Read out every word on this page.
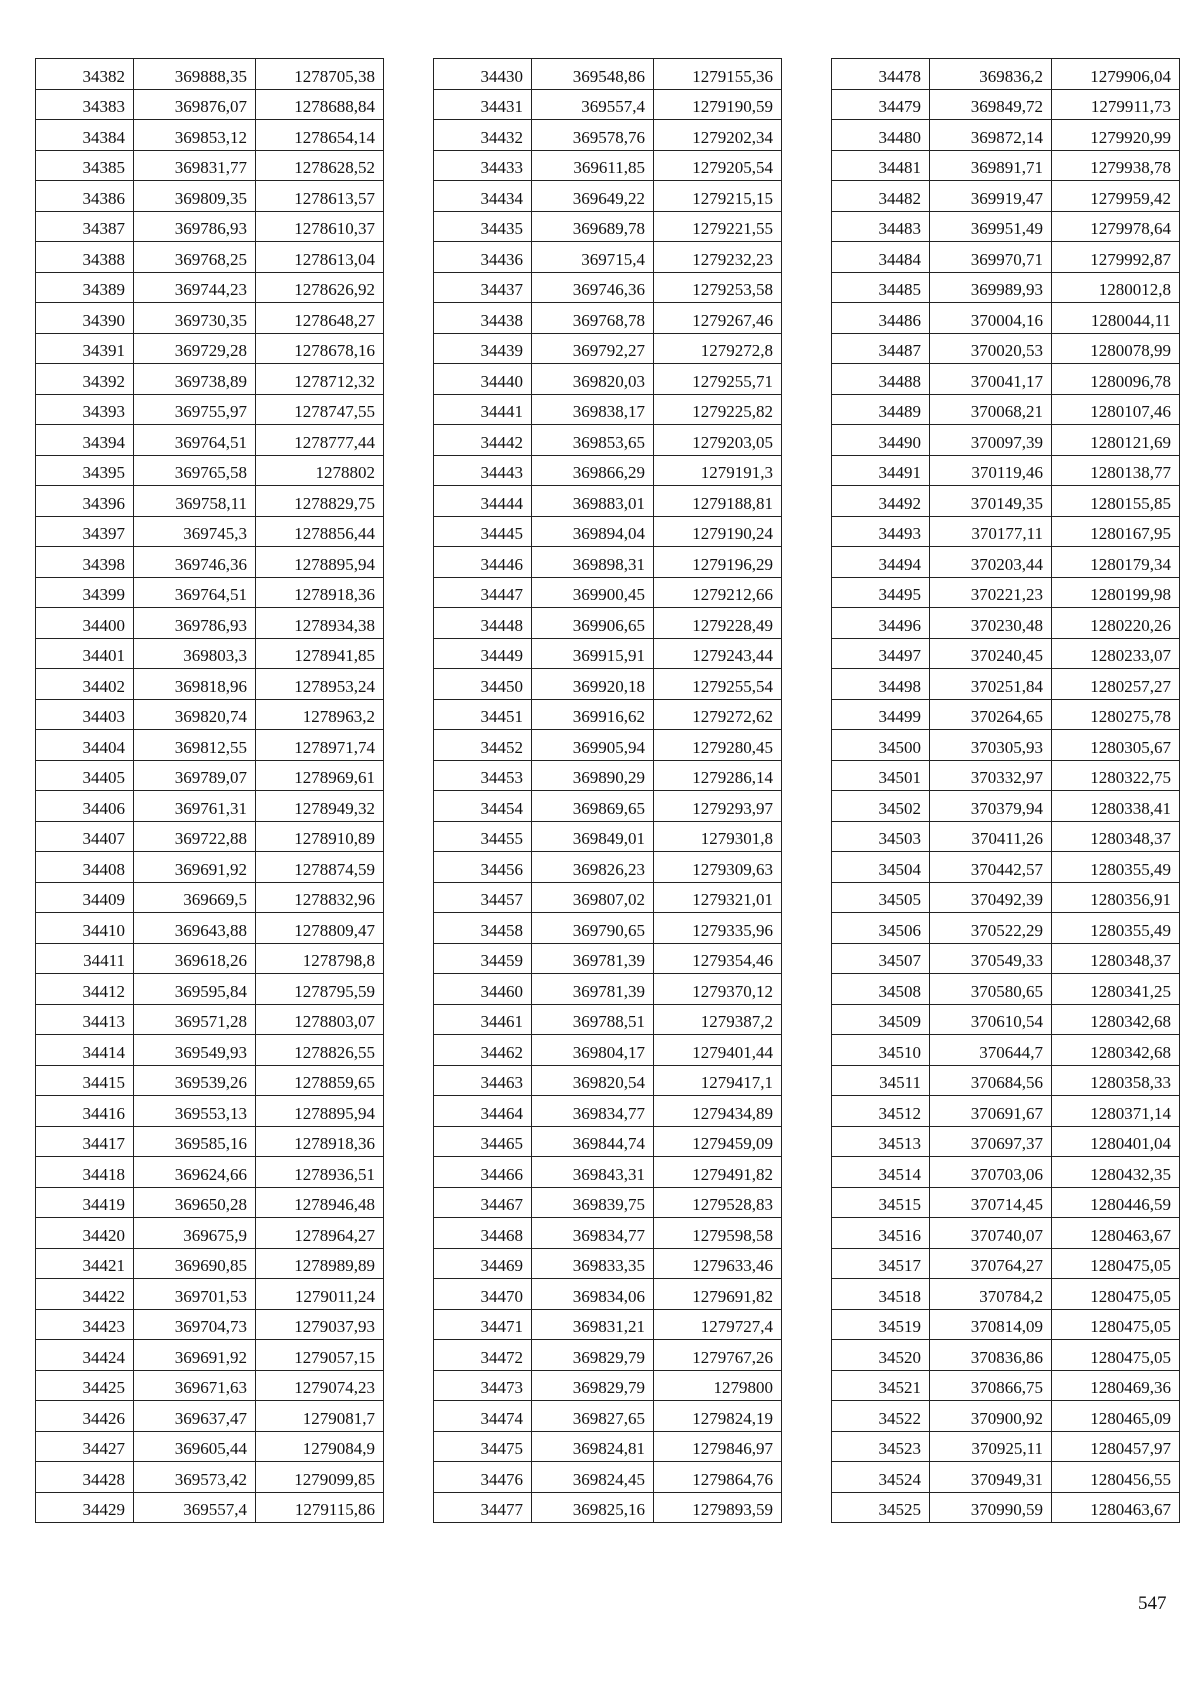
34382	369888,35	1278705,38
34383	369876,07	1278688,84
34384	369853,12	1278654,14
34385	369831,77	1278628,52
34386	369809,35	1278613,57
34387	369786,93	1278610,37
34388	369768,25	1278613,04
34389	369744,23	1278626,92
34390	369730,35	1278648,27
34391	369729,28	1278678,16
34392	369738,89	1278712,32
34393	369755,97	1278747,55
34394	369764,51	1278777,44
34395	369765,58	1278802
34396	369758,11	1278829,75
34397	369745,3	1278856,44
34398	369746,36	1278895,94
34399	369764,51	1278918,36
34400	369786,93	1278934,38
34401	369803,3	1278941,85
34402	369818,96	1278953,24
34403	369820,74	1278963,2
34404	369812,55	1278971,74
34405	369789,07	1278969,61
34406	369761,31	1278949,32
34407	369722,88	1278910,89
34408	369691,92	1278874,59
34409	369669,5	1278832,96
34410	369643,88	1278809,47
34411	369618,26	1278798,8
34412	369595,84	1278795,59
34413	369571,28	1278803,07
34414	369549,93	1278826,55
34415	369539,26	1278859,65
34416	369553,13	1278895,94
34417	369585,16	1278918,36
34418	369624,66	1278936,51
34419	369650,28	1278946,48
34420	369675,9	1278964,27
34421	369690,85	1278989,89
34422	369701,53	1279011,24
34423	369704,73	1279037,93
34424	369691,92	1279057,15
34425	369671,63	1279074,23
34426	369637,47	1279081,7
34427	369605,44	1279084,9
34428	369573,42	1279099,85
34429	369557,4	1279115,86
34430	369548,86	1279155,36
34431	369557,4	1279190,59
34432	369578,76	1279202,34
34433	369611,85	1279205,54
34434	369649,22	1279215,15
34435	369689,78	1279221,55
34436	369715,4	1279232,23
34437	369746,36	1279253,58
34438	369768,78	1279267,46
34439	369792,27	1279272,8
34440	369820,03	1279255,71
34441	369838,17	1279225,82
34442	369853,65	1279203,05
34443	369866,29	1279191,3
34444	369883,01	1279188,81
34445	369894,04	1279190,24
34446	369898,31	1279196,29
34447	369900,45	1279212,66
34448	369906,65	1279228,49
34449	369915,91	1279243,44
34450	369920,18	1279255,54
34451	369916,62	1279272,62
34452	369905,94	1279280,45
34453	369890,29	1279286,14
34454	369869,65	1279293,97
34455	369849,01	1279301,8
34456	369826,23	1279309,63
34457	369807,02	1279321,01
34458	369790,65	1279335,96
34459	369781,39	1279354,46
34460	369781,39	1279370,12
34461	369788,51	1279387,2
34462	369804,17	1279401,44
34463	369820,54	1279417,1
34464	369834,77	1279434,89
34465	369844,74	1279459,09
34466	369843,31	1279491,82
34467	369839,75	1279528,83
34468	369834,77	1279598,58
34469	369833,35	1279633,46
34470	369834,06	1279691,82
34471	369831,21	1279727,4
34472	369829,79	1279767,26
34473	369829,79	1279800
34474	369827,65	1279824,19
34475	369824,81	1279846,97
34476	369824,45	1279864,76
34477	369825,16	1279893,59
34478	369836,2	1279906,04
34479	369849,72	1279911,73
34480	369872,14	1279920,99
34481	369891,71	1279938,78
34482	369919,47	1279959,42
34483	369951,49	1279978,64
34484	369970,71	1279992,87
34485	369989,93	1280012,8
34486	370004,16	1280044,11
34487	370020,53	1280078,99
34488	370041,17	1280096,78
34489	370068,21	1280107,46
34490	370097,39	1280121,69
34491	370119,46	1280138,77
34492	370149,35	1280155,85
34493	370177,11	1280167,95
34494	370203,44	1280179,34
34495	370221,23	1280199,98
34496	370230,48	1280220,26
34497	370240,45	1280233,07
34498	370251,84	1280257,27
34499	370264,65	1280275,78
34500	370305,93	1280305,67
34501	370332,97	1280322,75
34502	370379,94	1280338,41
34503	370411,26	1280348,37
34504	370442,57	1280355,49
34505	370492,39	1280356,91
34506	370522,29	1280355,49
34507	370549,33	1280348,37
34508	370580,65	1280341,25
34509	370610,54	1280342,68
34510	370644,7	1280342,68
34511	370684,56	1280358,33
34512	370691,67	1280371,14
34513	370697,37	1280401,04
34514	370703,06	1280432,35
34515	370714,45	1280446,59
34516	370740,07	1280463,67
34517	370764,27	1280475,05
34518	370784,2	1280475,05
34519	370814,09	1280475,05
34520	370836,86	1280475,05
34521	370866,75	1280469,36
34522	370900,92	1280465,09
34523	370925,11	1280457,97
34524	370949,31	1280456,55
34525	370990,59	1280463,67
547
